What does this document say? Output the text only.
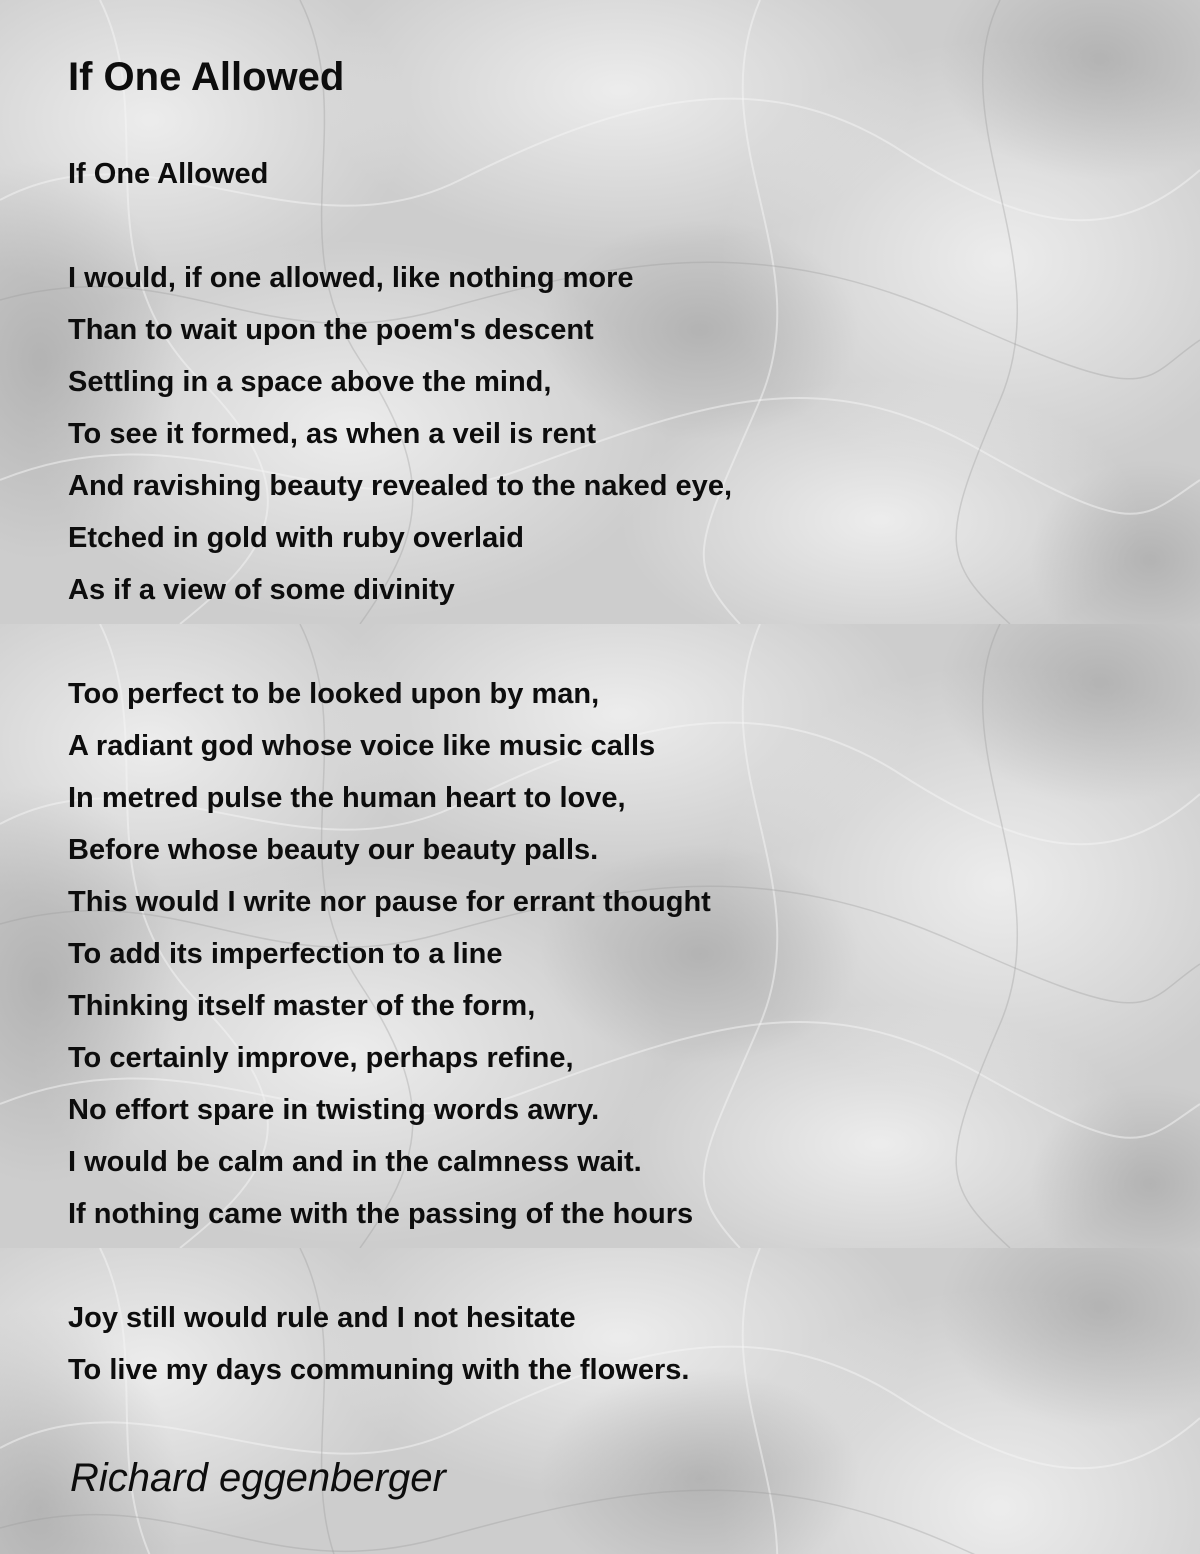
If One Allowed
If One Allowed
I would, if one allowed, like nothing more
Than to wait upon the poem's descent
Settling in a space above the mind,
To see it formed, as when a veil is rent
And ravishing beauty revealed to the naked eye,
Etched in gold with ruby overlaid
As if a view of some divinity
Too perfect to be looked upon by man,
A radiant god whose voice like music calls
In metred pulse the human heart to love,
Before whose beauty our beauty palls.
This would I write nor pause for errant thought
To add its imperfection to a line
Thinking itself master of the form,
To certainly improve, perhaps refine,
No effort spare in twisting words awry.
I would be calm and in the calmness wait.
If nothing came with the passing of the hours
Joy still would rule and I not hesitate
To live my days communing with the flowers.
Richard eggenberger
